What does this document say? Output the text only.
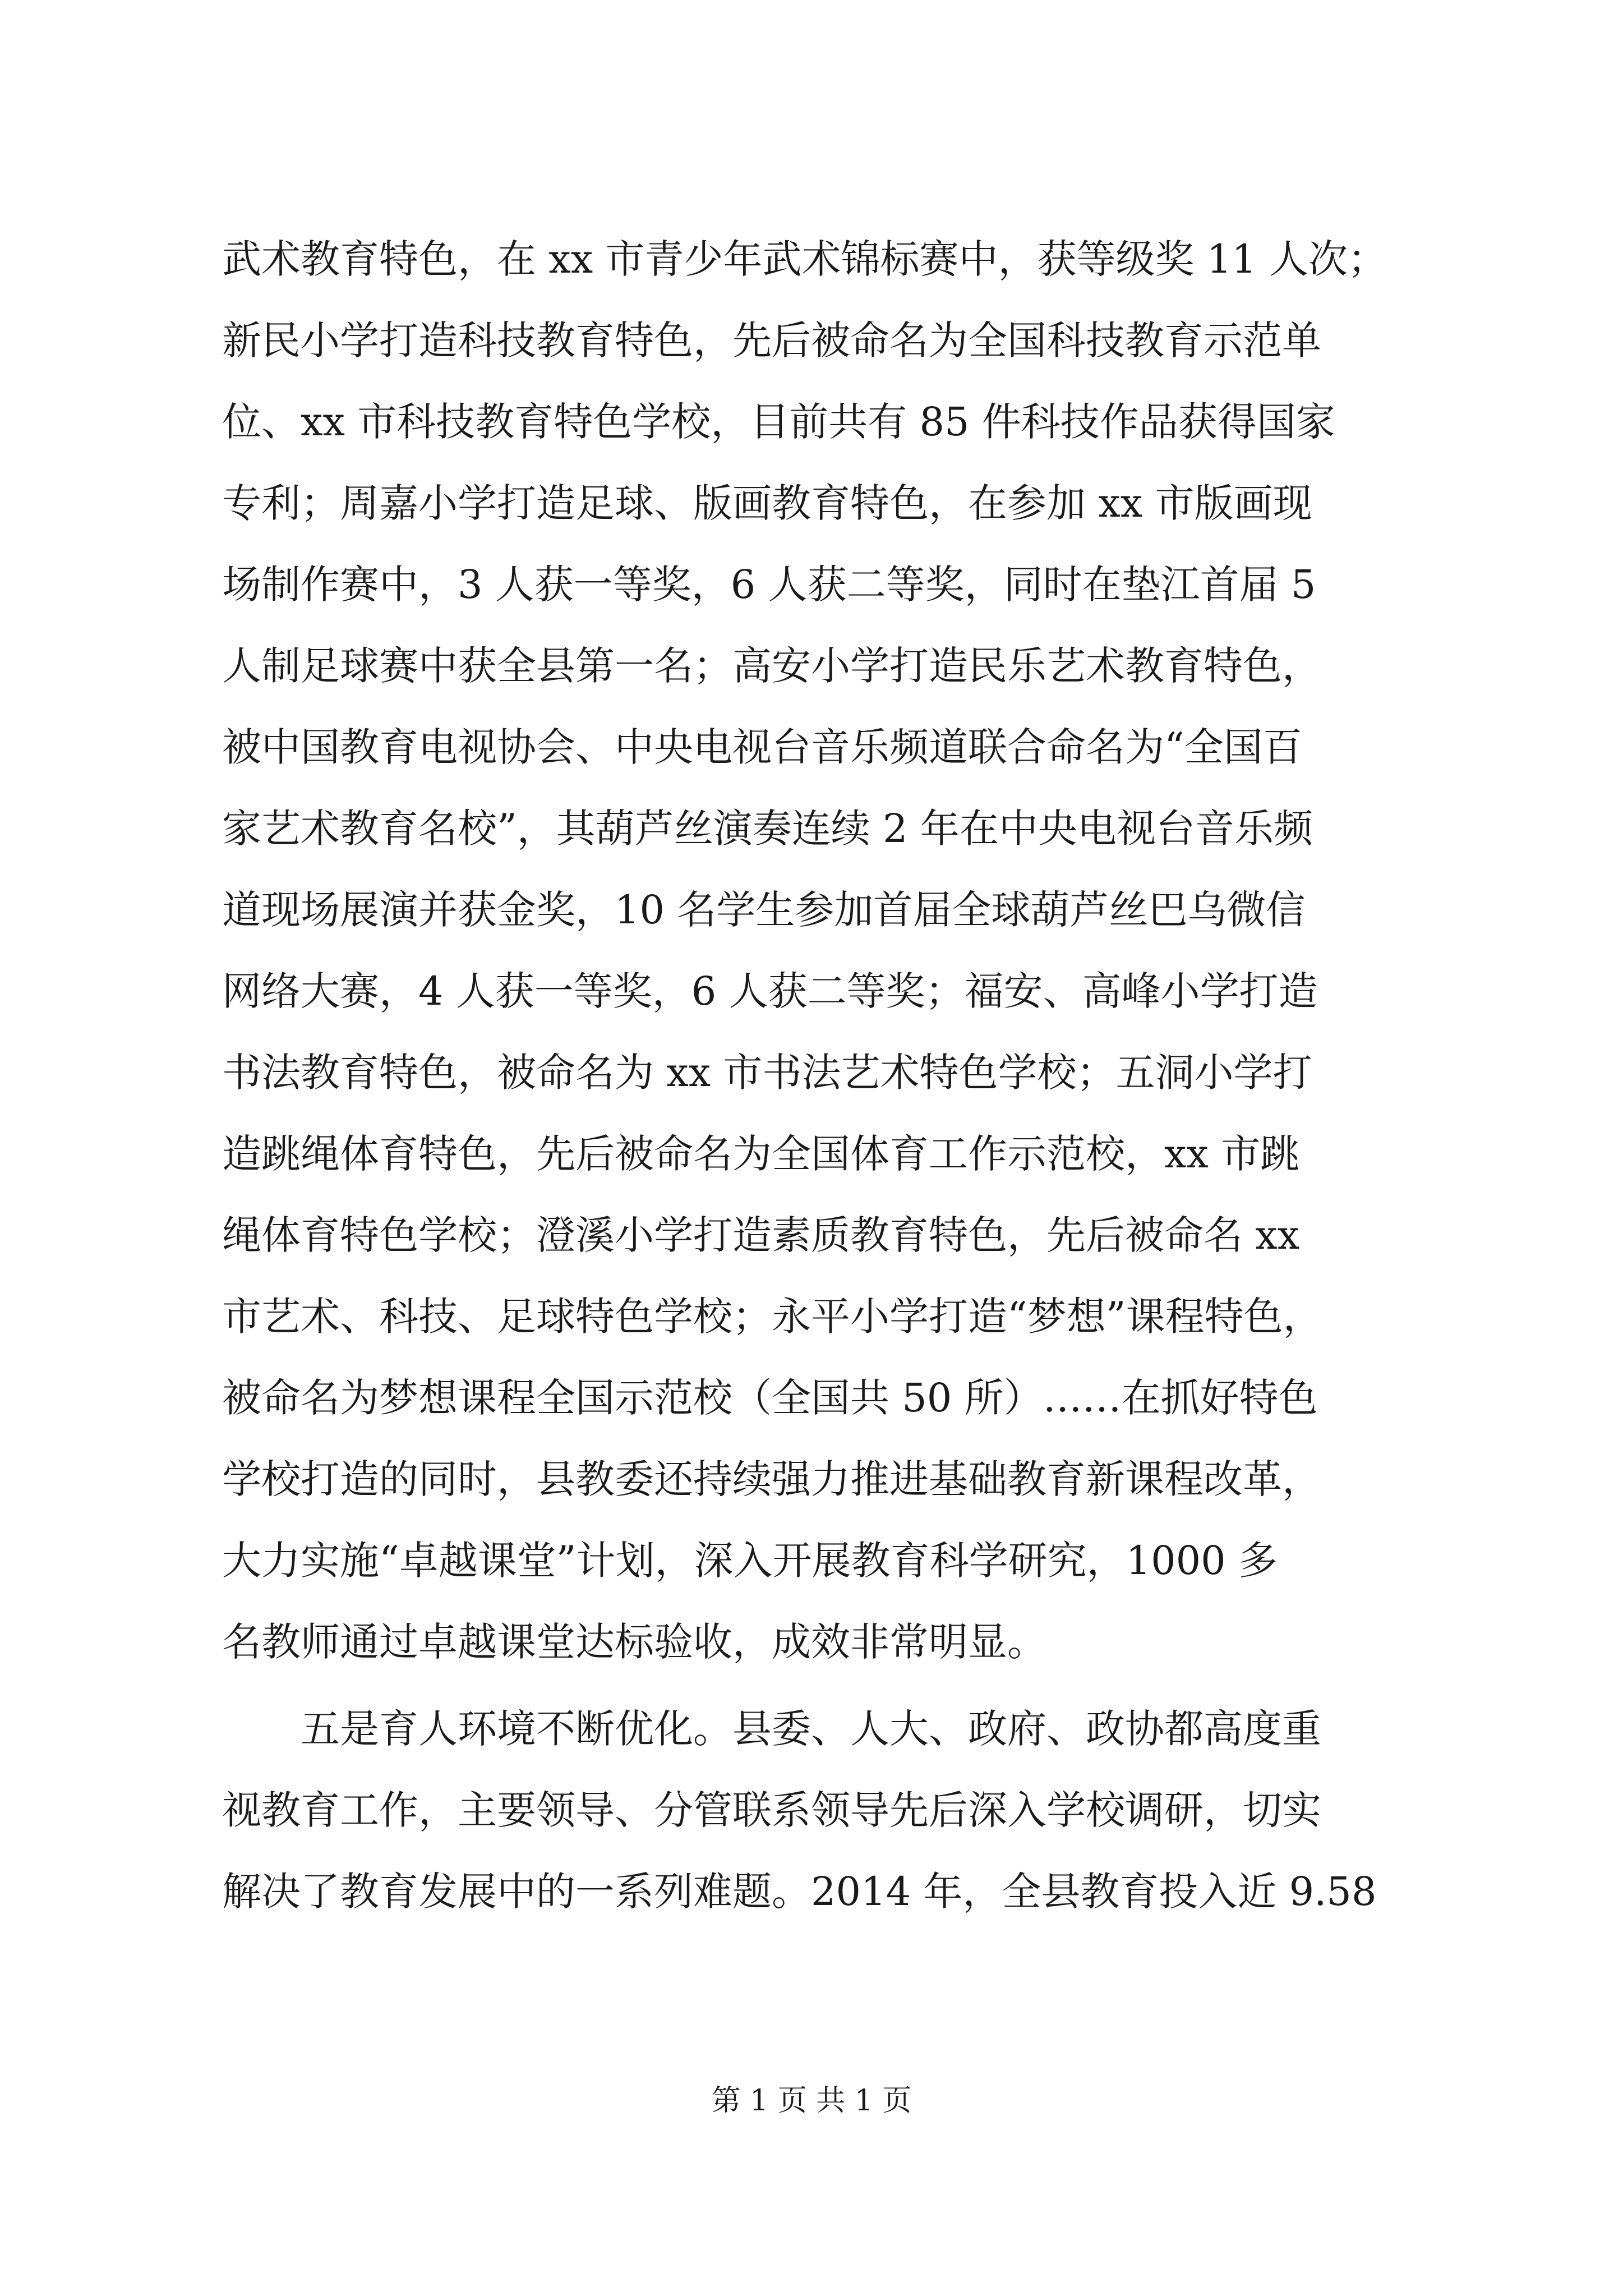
武术教育特色，在 xx 市青少年武术锦标赛中，获等级奖 11 人次；
新民小学打造科技教育特色，先后被命名为全国科技教育示范单
位、xx 市科技教育特色学校，目前共有 85 件科技作品获得国家
专利；周嘉小学打造足球、版画教育特色，在参加 xx 市版画现
场制作赛中，3 人获一等奖，6 人获二等奖，同时在垫江首届 5
人制足球赛中获全县第一名；高安小学打造民乐艺术教育特色，
被中国教育电视协会、中央电视台音乐频道联合命名为“全国百
家艺术教育名校”，其葫芦丝演奏连续 2 年在中央电视台音乐频
道现场展演并获金奖，10 名学生参加首届全球葫芦丝巴乌微信
网络大赛，4 人获一等奖，6 人获二等奖；福安、高峰小学打造
书法教育特色，被命名为 xx 市书法艺术特色学校；五洞小学打
造跳绳体育特色，先后被命名为全国体育工作示范校，xx 市跳
绳体育特色学校；澄溪小学打造素质教育特色，先后被命名 xx
市艺术、科技、足球特色学校；永平小学打造“梦想”课程特色，
被命名为梦想课程全国示范校（全国共 50 所）……在抓好特色
学校打造的同时，县教委还持续强力推进基础教育新课程改革，
大力实施“卓越课堂”计划，深入开展教育科学研究，1000 多
名教师通过卓越课堂达标验收，成效非常明显。
五是育人环境不断优化。县委、人大、政府、政协都高度重
视教育工作，主要领导、分管联系领导先后深入学校调研，切实
解决了教育发展中的一系列难题。2014 年，全县教育投入近 9.58
第 1 页 共 1 页
